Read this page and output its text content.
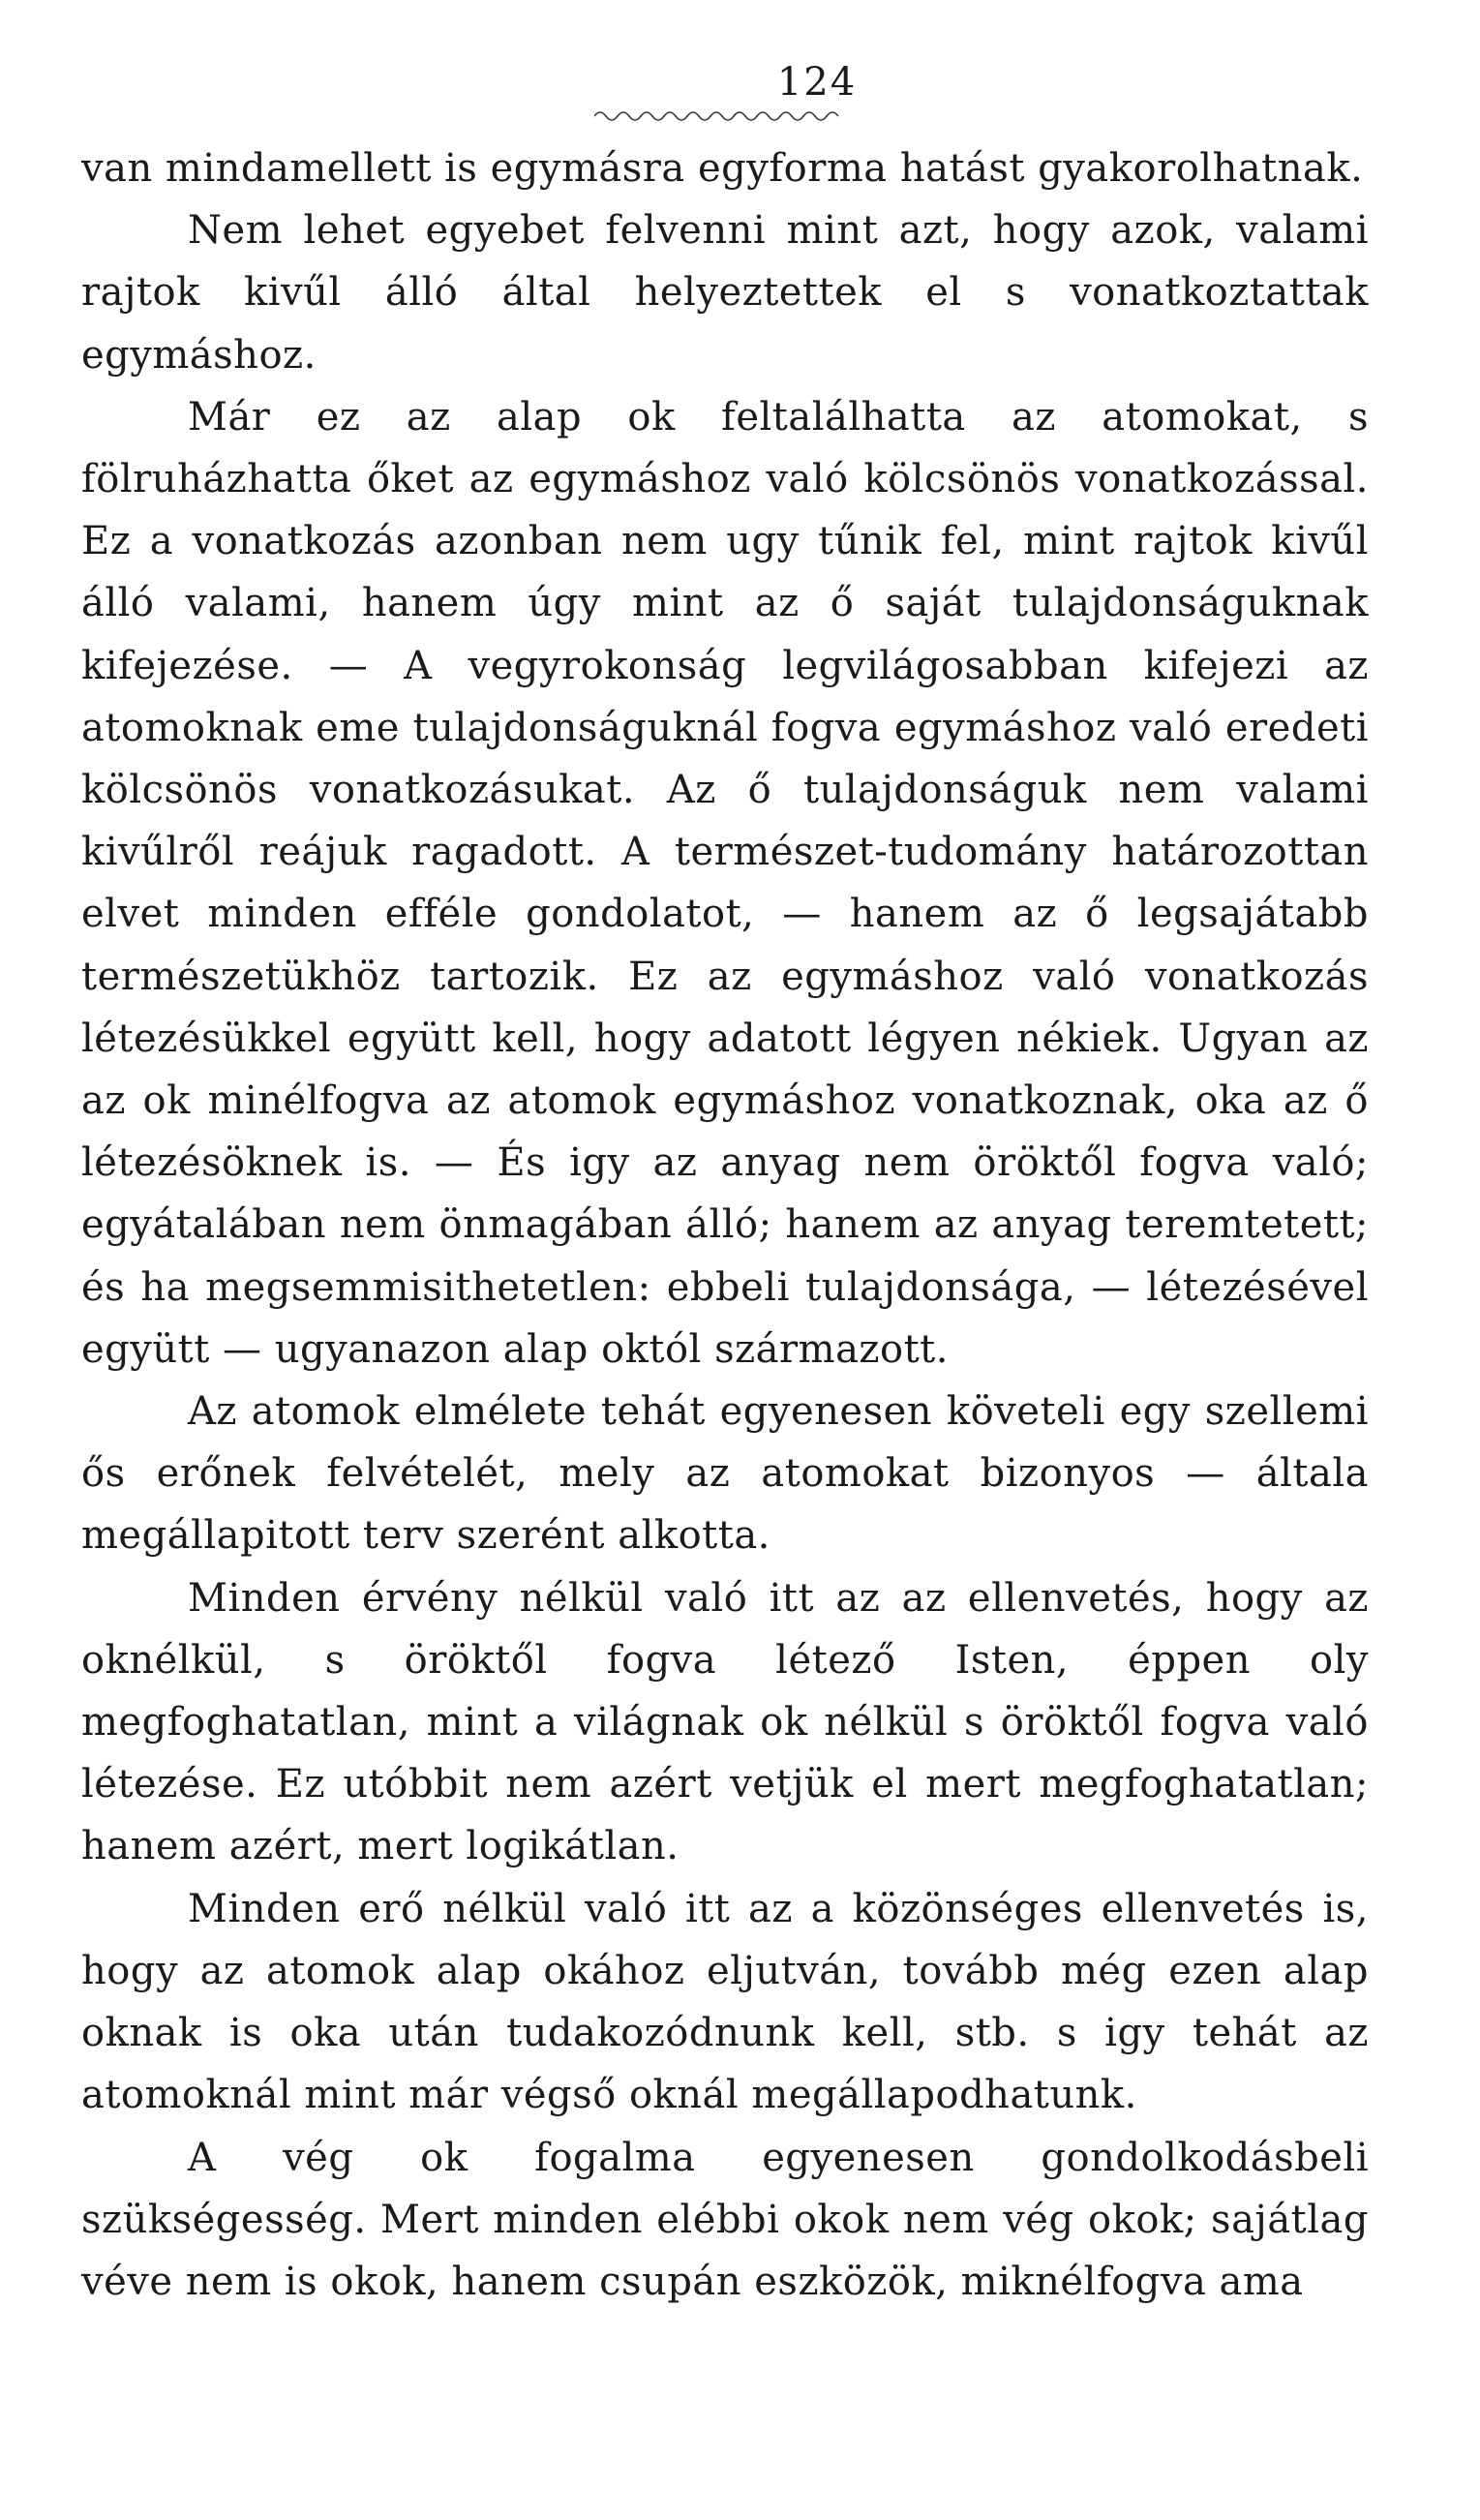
124

van mindamellett is egymásra egyforma hatást gyakorolhatnak.

Nem lehet egyebet felvenni mint azt, hogy azok, valami rajtok kivűl álló által helyeztettek el s vonatkoztattak egymáshoz.

Már ez az alap ok feltalálhatta az atomokat, s fölruházhatta őket az egymáshoz való kölcsönös vonatkozással. Ez a vonatkozás azonban nem ugy tűnik fel, mint rajtok kivűl álló valami, hanem úgy mint az ő saját tulajdonságuknak kifejezése. — A vegyrokonság legvilágosabban kifejezi az atomoknak eme tulajdonságuknál fogva egymáshoz való eredeti kölcsönös vonatkozásukat. Az ő tulajdonságuk nem valami kivűlről reájuk ragadott. A természet-tudomány határozottan elvet minden efféle gondolatot, — hanem az ő legsajátabb természetükhöz tartozik. Ez az egymáshoz való vonatkozás létezésükkel együtt kell, hogy adatott légyen nékiek. Ugyan az az ok minélfogva az atomok egymáshoz vonatkoznak, oka az ő létezésöknek is. — És igy az anyag nem öröktől fogva való; egyátalában nem önmagában álló; hanem az anyag teremtetett; és ha megsemmisithetetlen: ebbeli tulajdonsága, — létezésével együtt — ugyanazon alap októl származott.

Az atomok elmélete tehát egyenesen követeli egy szellemi ős erőnek felvételét, mely az atomokat bizonyos — általa megállapitott terv szerént alkotta.

Minden érvény nélkül való itt az az ellenvetés, hogy az oknélkül, s öröktől fogva létező Isten, éppen oly megfoghatatlan, mint a világnak ok nélkül s öröktől fogva való létezése. Ez utóbbit nem azért vetjük el mert megfoghatatlan; hanem azért, mert logikátlan.

Minden erő nélkül való itt az a közönséges ellenvetés is, hogy az atomok alap okához eljutván, tovább még ezen alap oknak is oka után tudakozódnunk kell, stb. s igy tehát az atomoknál mint már végső oknál megállapodhatunk.

A vég ok fogalma egyenesen gondolkodásbeli szükségesség. Mert minden elébbi okok nem vég okok; sajátlag véve nem is okok, hanem csupán eszközök, miknélfogva ama
